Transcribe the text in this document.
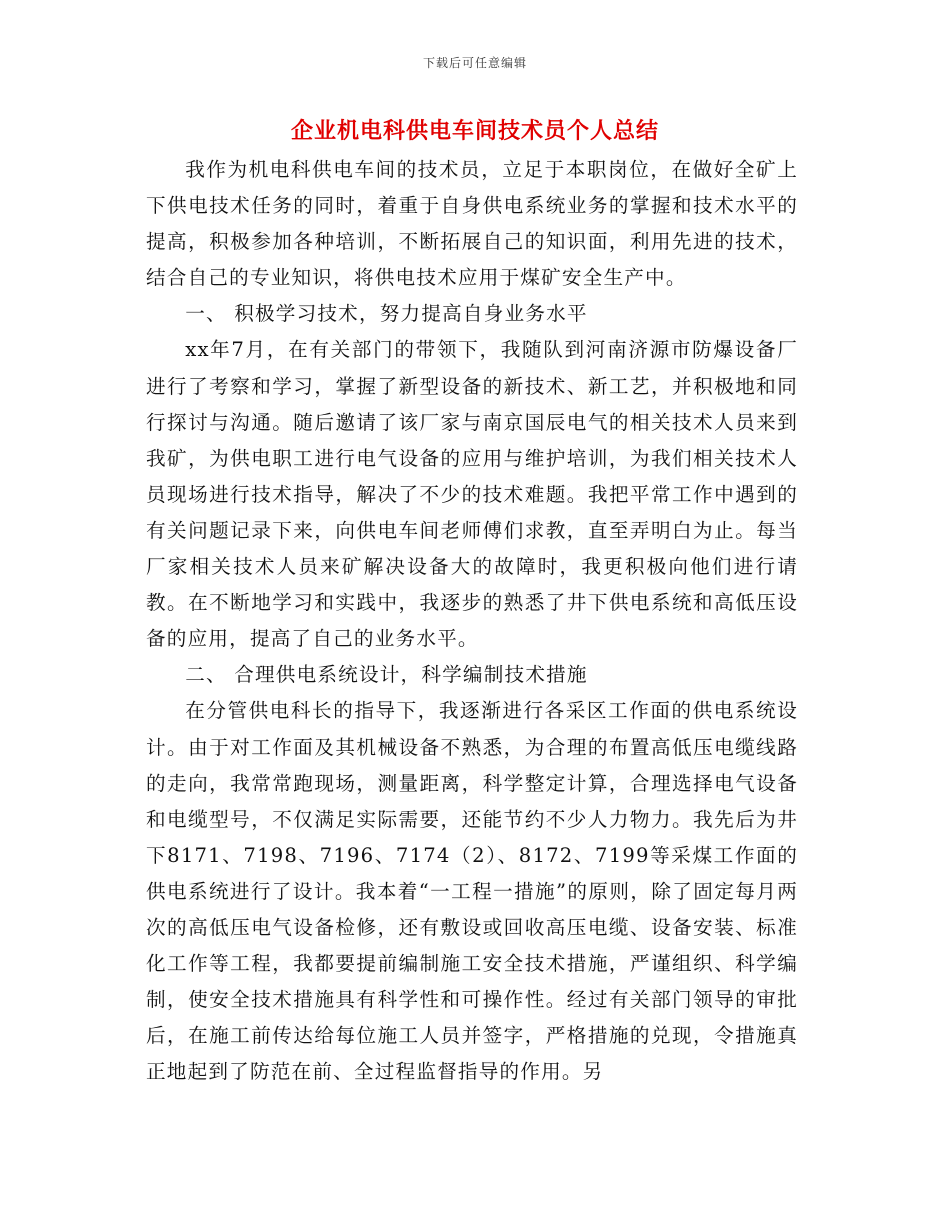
下载后可任意编辑
企业机电科供电车间技术员个人总结

我作为机电科供电车间的技术员，立足于本职岗位，在做好全矿上下供电技术任务的同时，着重于自身供电系统业务的掌握和技术水平的提高，积极参加各种培训，不断拓展自己的知识面，利用先进的技术，结合自己的专业知识，将供电技术应用于煤矿安全生产中。

一、 积极学习技术，努力提高自身业务水平

xx年7月，在有关部门的带领下，我随队到河南济源市防爆设备厂进行了考察和学习，掌握了新型设备的新技术、新工艺，并积极地和同行探讨与沟通。随后邀请了该厂家与南京国辰电气的相关技术人员来到我矿，为供电职工进行电气设备的应用与维护培训，为我们相关技术人员现场进行技术指导，解决了不少的技术难题。我把平常工作中遇到的有关问题记录下来，向供电车间老师傅们求教，直至弄明白为止。每当厂家相关技术人员来矿解决设备大的故障时，我更积极向他们进行请教。在不断地学习和实践中，我逐步的熟悉了井下供电系统和高低压设备的应用，提高了自己的业务水平。

二、 合理供电系统设计，科学编制技术措施

在分管供电科长的指导下，我逐渐进行各采区工作面的供电系统设计。由于对工作面及其机械设备不熟悉，为合理的布置高低压电缆线路的走向，我常常跑现场，测量距离，科学整定计算，合理选择电气设备和电缆型号，不仅满足实际需要，还能节约不少人力物力。我先后为井下8171、7198、7196、7174（2）、8172、7199等采煤工作面的供电系统进行了设计。我本着“一工程一措施”的原则，除了固定每月两次的高低压电气设备检修，还有敷设或回收高压电缆、设备安装、标准化工作等工程，我都要提前编制施工安全技术措施，严谨组织、科学编制，使安全技术措施具有科学性和可操作性。经过有关部门领导的审批后，在施工前传达给每位施工人员并签字，严格措施的兑现，令措施真正地起到了防范在前、全过程监督指导的作用。另
